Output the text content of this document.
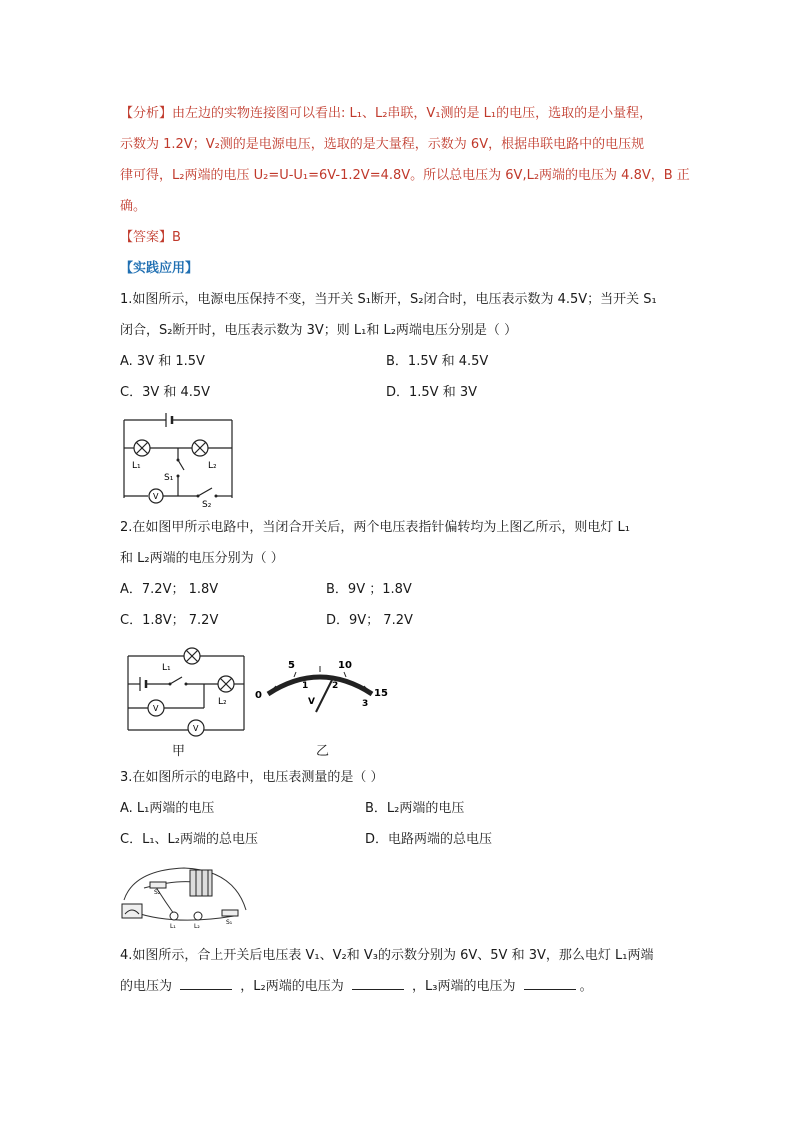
【分析】由左边的实物连接图可以看出: L₁、L₂串联，V₁测的是 L₁的电压，选取的是小量程，
示数为 1.2V；V₂测的是电源电压，选取的是大量程，示数为 6V，根据串联电路中的电压规
律可得，L₂两端的电压 U₂=U-U₁=6V-1.2V=4.8V。所以总电压为 6V,L₂两端的电压为 4.8V，B 正
确。
【答案】B
【实践应用】
1.如图所示，电源电压保持不变，当开关 S₁断开，S₂闭合时，电压表示数为 4.5V；当开关 S₁
闭合，S₂断开时，电压表示数为 3V；则 L₁和 L₂两端电压分别是（ ）
A. 3V 和 1.5V	B．1.5V 和 4.5V
C．3V 和 4.5V	D．1.5V 和 3V
L₁	L₂
S₁
S₂
V
2.在如图甲所示电路中，当闭合开关后，两个电压表指针偏转均为上图乙所示，则电灯 L₁
和 L₂两端的电压分别为（ ）
A．7.2V； 1.8V	B．9V ；1.8V
C．1.8V； 7.2V	D．9V； 7.2V
L₁
L₂
V
V
0
5	10
15
1	2
3
V
甲	乙
3.在如图所示的电路中，电压表测量的是（ ）
A. L₁两端的电压	B．L₂两端的电压
C．L₁、L₂两端的总电压	D．电路两端的总电压
S₂
S₁
L₁	L₂
4.如图所示，合上开关后电压表 V₁、V₂和 V₃的示数分别为 6V、5V 和 3V，那么电灯 L₁两端
的电压为	，L₂两端的电压为	，L₃两端的电压为	。
